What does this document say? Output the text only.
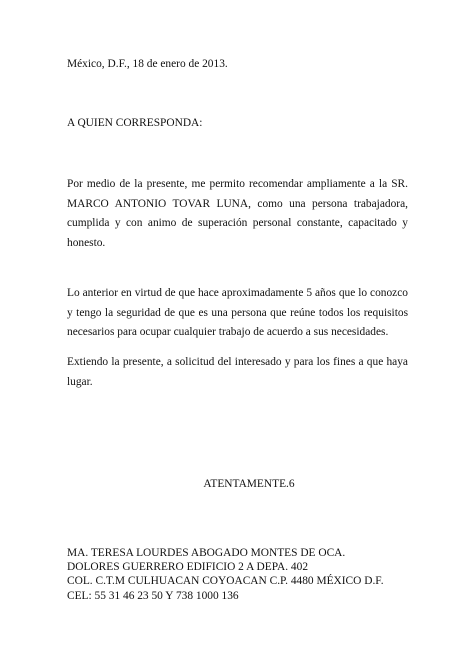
México, D.F., 18 de enero de 2013.
A QUIEN CORRESPONDA:
Por medio de la presente, me permito recomendar ampliamente a la SR.
MARCO ANTONIO TOVAR LUNA, como una persona trabajadora,
cumplida y con animo de superación personal constante, capacitado y
honesto.
Lo anterior en virtud de que hace aproximadamente 5 años que lo conozco
y tengo la seguridad de que es una persona que reúne todos los requisitos
necesarios para ocupar cualquier trabajo de acuerdo a sus necesidades.
Extiendo la presente, a solicitud del interesado y para los fines a que haya
lugar.
ATENTAMENTE.6
MA. TERESA LOURDES ABOGADO MONTES DE OCA.
DOLORES GUERRERO EDIFICIO 2 A DEPA. 402
COL. C.T.M CULHUACAN COYOACAN C.P. 4480 MÉXICO D.F.
CEL: 55 31 46 23 50 Y 738 1000 136
